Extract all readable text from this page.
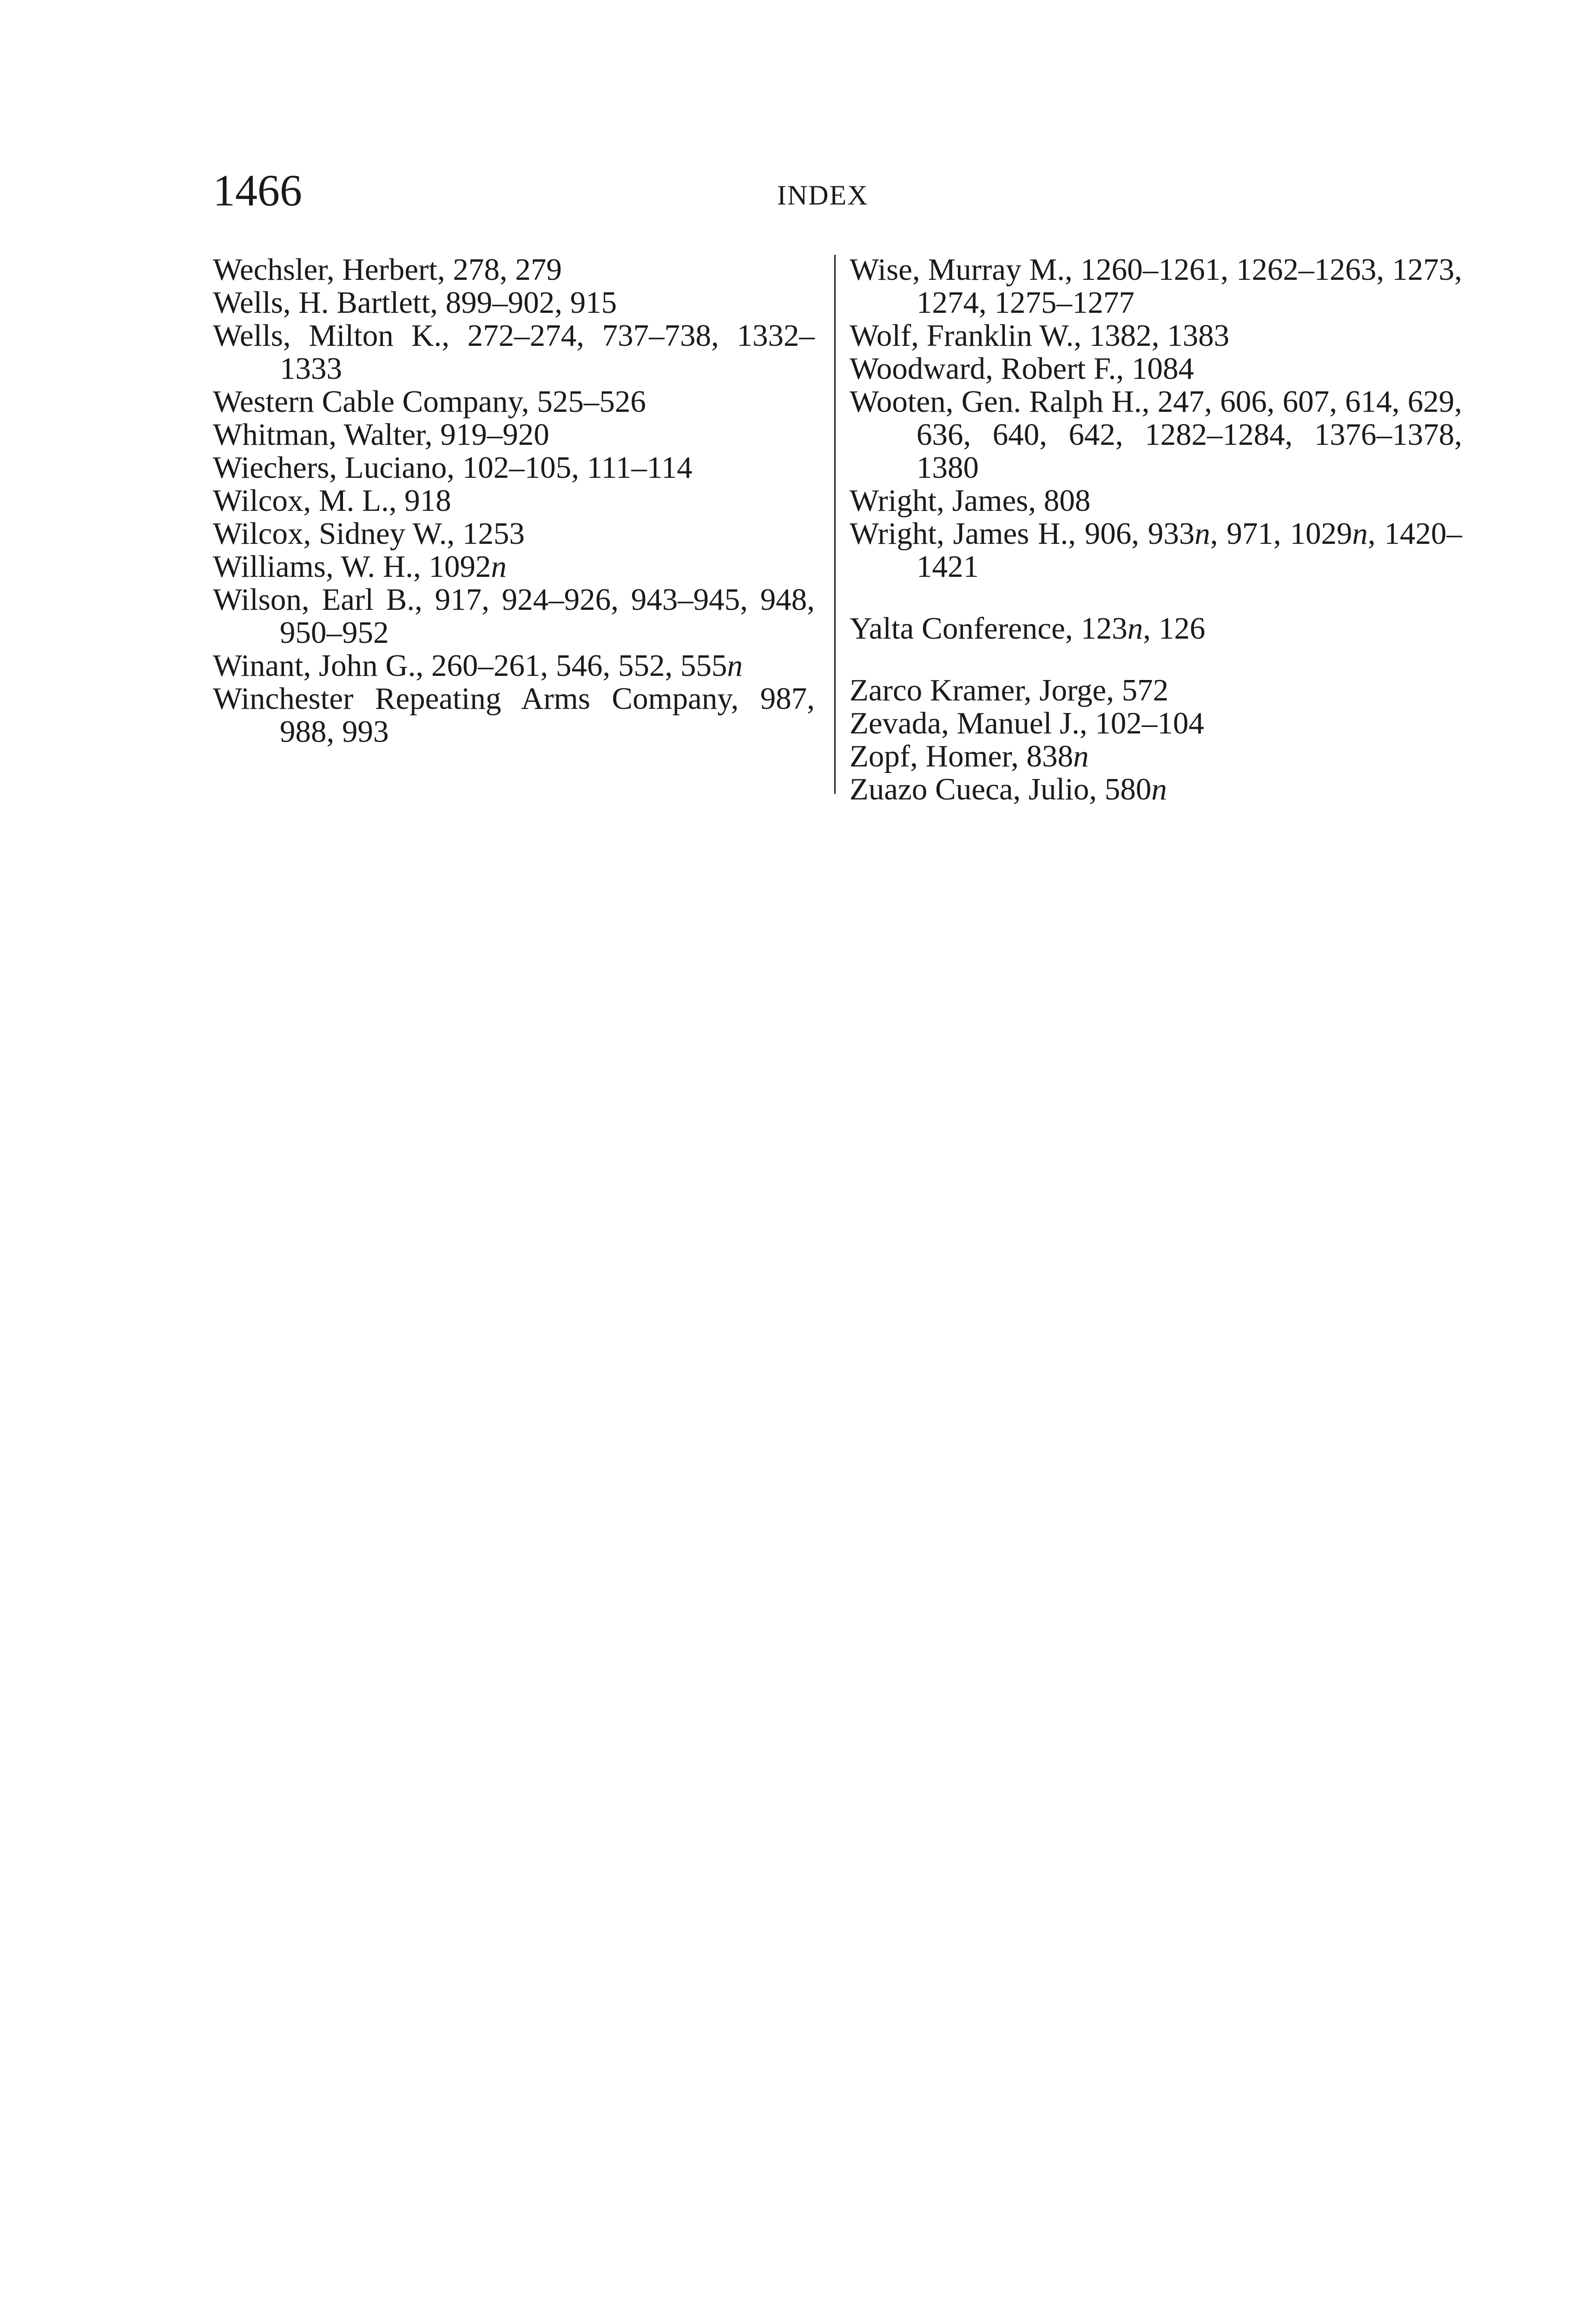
1466	INDEX
Wechsler, Herbert, 278, 279
Wells, H. Bartlett, 899–902, 915
Wells, Milton K., 272–274, 737–738, 1332–1333
Western Cable Company, 525–526
Whitman, Walter, 919–920
Wiechers, Luciano, 102–105, 111–114
Wilcox, M. L., 918
Wilcox, Sidney W., 1253
Williams, W. H., 1092n
Wilson, Earl B., 917, 924–926, 943–945, 948, 950–952
Winant, John G., 260–261, 546, 552, 555n
Winchester Repeating Arms Company, 987, 988, 993
Wise, Murray M., 1260–1261, 1262–1263, 1273, 1274, 1275–1277
Wolf, Franklin W., 1382, 1383
Woodward, Robert F., 1084
Wooten, Gen. Ralph H., 247, 606, 607, 614, 629, 636, 640, 642, 1282–1284, 1376–1378, 1380
Wright, James, 808
Wright, James H., 906, 933n, 971, 1029n, 1420–1421
Yalta Conference, 123n, 126
Zarco Kramer, Jorge, 572
Zevada, Manuel J., 102–104
Zopf, Homer, 838n
Zuazo Cueca, Julio, 580n
